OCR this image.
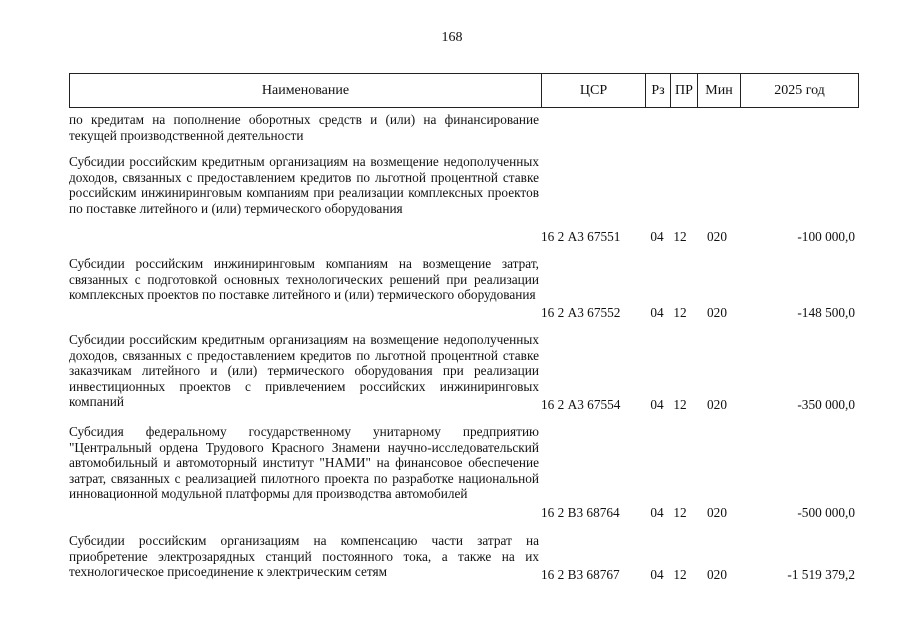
168
Наименование	ЦСР	Рз ПР Мин	2025 год
по кредитам на пополнение оборотных средств и (или) на финансирование текущей производственной деятельности
Субсидии российским кредитным организациям на возмещение недополученных доходов, связанных с предоставлением кредитов по льготной процентной ставке российским инжиниринговым компаниям при реализации комплексных проектов по поставке литейного и (или) термического оборудования
16 2 А3 67551	04 12	020	-100 000,0
Субсидии российским инжиниринговым компаниям на возмещение затрат, связанных с подготовкой основных технологических решений при реализации комплексных проектов по поставке литейного и (или) термического оборудования
16 2 А3 67552	04 12	020	-148 500,0
Субсидии российским кредитным организациям на возмещение недополученных доходов, связанных с предоставлением кредитов по льготной процентной ставке заказчикам литейного и (или) термического оборудования при реализации инвестиционных проектов с привлечением российских инжиниринговых компаний	16 2 А3 67554	04 12	020	-350 000,0
Субсидия федеральному государственному унитарному предприятию "Центральный ордена Трудового Красного Знамени научно-исследовательский автомобильный и автомоторный институт "НАМИ" на финансовое обеспечение затрат, связанных с реализацией пилотного проекта по разработке национальной инновационной модульной платформы для производства автомобилей
16 2 В3 68764	04 12	020	-500 000,0
Субсидии российским организациям на компенсацию части затрат на приобретение электрозарядных станций постоянного тока, а также на их технологическое присоединение к электрическим сетям	16 2 В3 68767	04 12	020	-1 519 379,2
